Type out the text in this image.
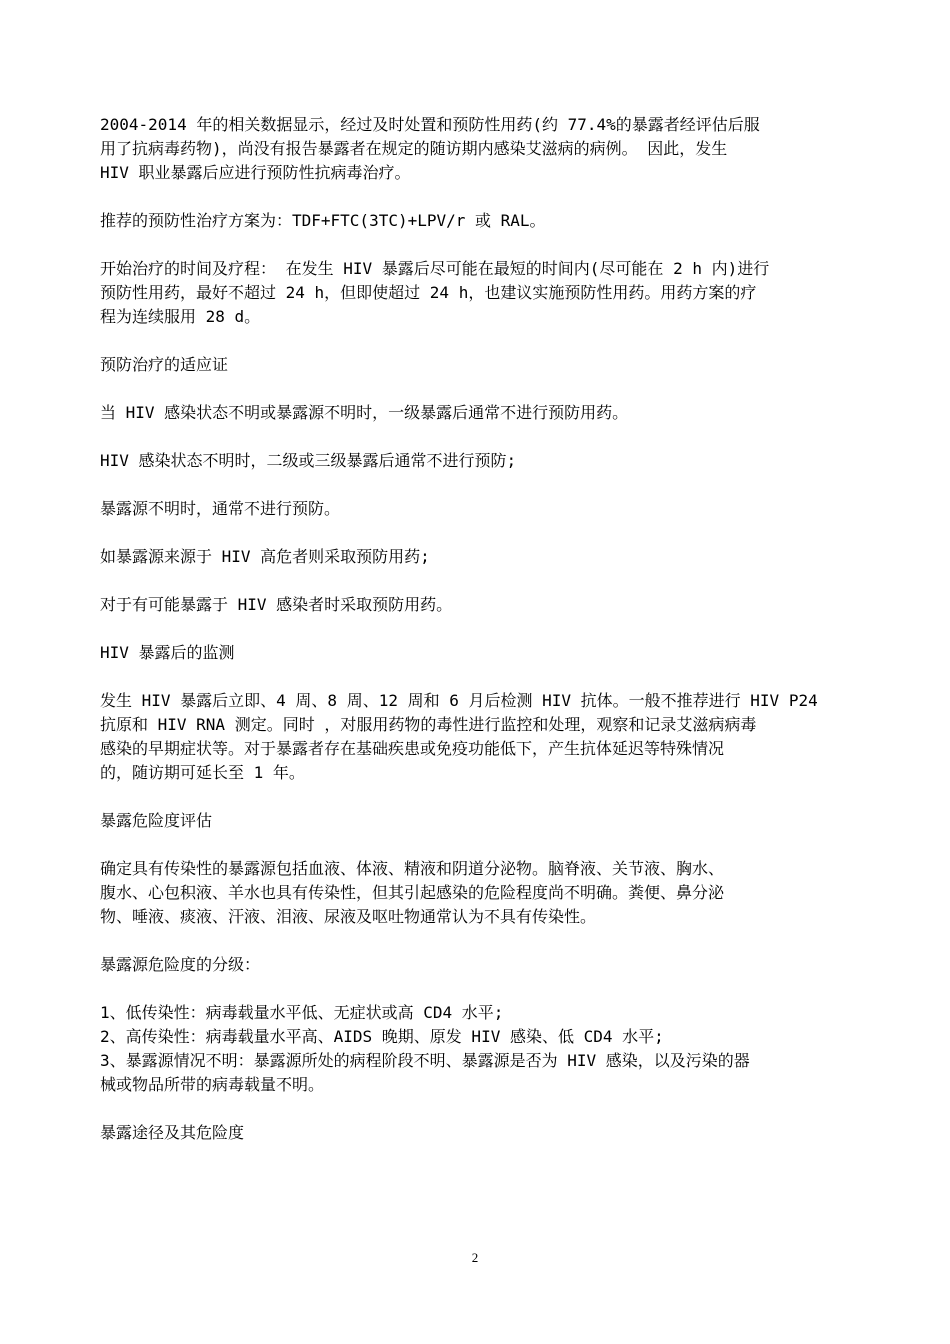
2004-2014 年的相关数据显示，经过及时处置和预防性用药(约 77.4%的暴露者经评估后服
用了抗病毒药物)，尚没有报告暴露者在规定的随访期内感染艾滋病的病例。 因此，发生
HIV 职业暴露后应进行预防性抗病毒治疗。

推荐的预防性治疗方案为：TDF+FTC(3TC)+LPV/r 或 RAL。

开始治疗的时间及疗程： 在发生 HIV 暴露后尽可能在最短的时间内(尽可能在 2 h 内)进行
预防性用药，最好不超过 24 h，但即使超过 24 h，也建议实施预防性用药。用药方案的疗
程为连续服用 28 d。

预防治疗的适应证

当 HIV 感染状态不明或暴露源不明时，一级暴露后通常不进行预防用药。

HIV 感染状态不明时，二级或三级暴露后通常不进行预防;

暴露源不明时，通常不进行预防。

如暴露源来源于 HIV 高危者则采取预防用药;

对于有可能暴露于 HIV 感染者时采取预防用药。

HIV 暴露后的监测

发生 HIV 暴露后立即、4 周、8 周、12 周和 6 月后检测 HIV 抗体。一般不推荐进行 HIV P24
抗原和 HIV RNA 测定。同时 ，对服用药物的毒性进行监控和处理，观察和记录艾滋病病毒
感染的早期症状等。对于暴露者存在基础疾患或免疫功能低下，产生抗体延迟等特殊情况
的，随访期可延长至 1 年。

暴露危险度评估

确定具有传染性的暴露源包括血液、体液、精液和阴道分泌物。脑脊液、关节液、胸水、
腹水、心包积液、羊水也具有传染性，但其引起感染的危险程度尚不明确。粪便、鼻分泌
物、唾液、痰液、汗液、泪液、尿液及呕吐物通常认为不具有传染性。

暴露源危险度的分级：

1、低传染性：病毒载量水平低、无症状或高 CD4 水平;
2、高传染性：病毒载量水平高、AIDS 晚期、原发 HIV 感染、低 CD4 水平;
3、暴露源情况不明：暴露源所处的病程阶段不明、暴露源是否为 HIV 感染，以及污染的器
械或物品所带的病毒载量不明。

暴露途径及其危险度

2
